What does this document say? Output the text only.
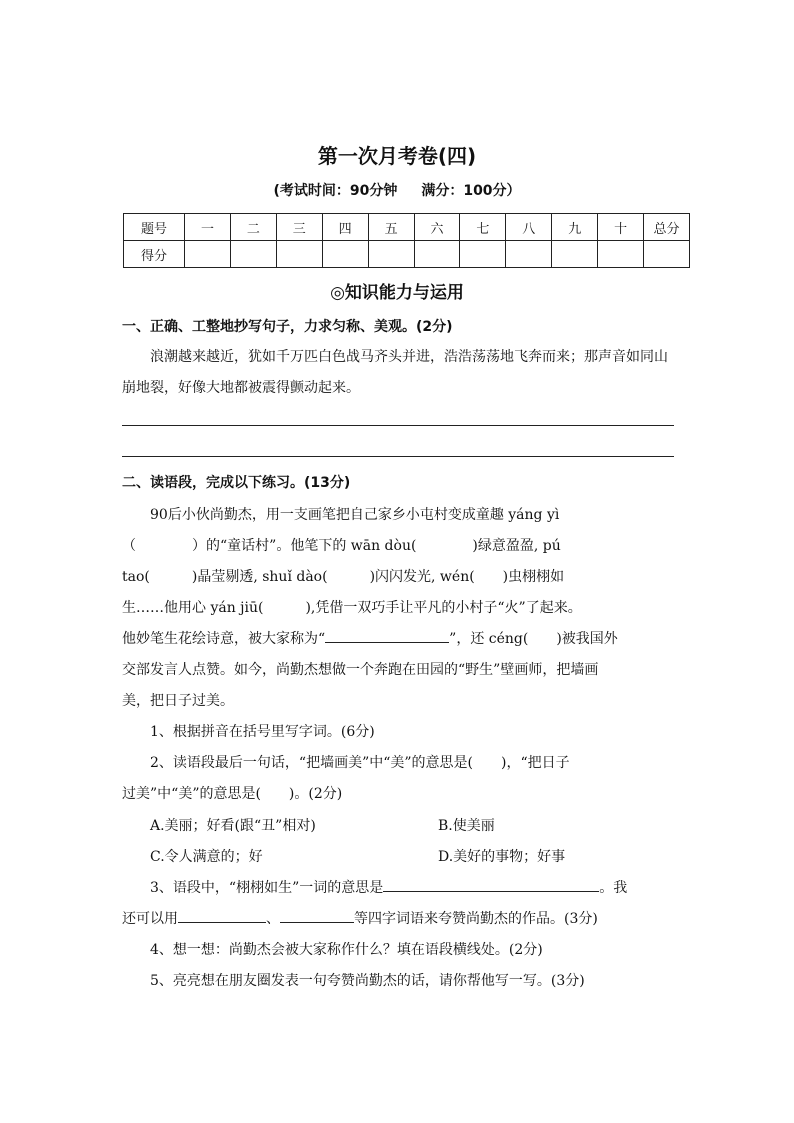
第一次月考卷(四)
(考试时间：90分钟 满分：100分）
题号	一	二	三	四	五	六	七	八	九	十	总分
得分											
◎知识能力与运用
一、正确、工整地抄写句子，力求匀称、美观。(2分)
浪潮越来越近，犹如千万匹白色战马齐头并进，浩浩荡荡地飞奔而来；那声音如同山崩地裂，好像大地都被震得颤动起来。
二、读语段，完成以下练习。(13分)
90后小伙尚勤杰，用一支画笔把自己家乡小屯村变成童趣 yáng yì
（　　　　）的“童话村”。他笔下的 wān dòu(　　　　)绿意盈盈, pú
tao(　　　)晶莹剔透, shuǐ dào(　　　)闪闪发光, wén(　　)虫栩栩如
生……他用心 yán jiū(　　　),凭借一双巧手让平凡的小村子“火”了起来。
他妙笔生花绘诗意，被大家称为“	”，还 céng(　　)被我国外
交部发言人点赞。如今，尚勤杰想做一个奔跑在田园的“野生”壁画师，把墙画
美，把日子过美。
1、根据拼音在括号里写字词。(6分)
2、读语段最后一句话，“把墙画美”中“美”的意思是(　　)，“把日子
过美”中“美”的意思是(　　)。(2分)
A.美丽；好看(跟“丑”相对)	B.使美丽
C.令人满意的；好	D.美好的事物；好事
3、语段中，“栩栩如生”一词的意思是	。我
还可以用	、	等四字词语来夸赞尚勤杰的作品。(3分)
4、想一想：尚勤杰会被大家称作什么？填在语段横线处。(2分)
5、亮亮想在朋友圈发表一句夸赞尚勤杰的话，请你帮他写一写。(3分)
